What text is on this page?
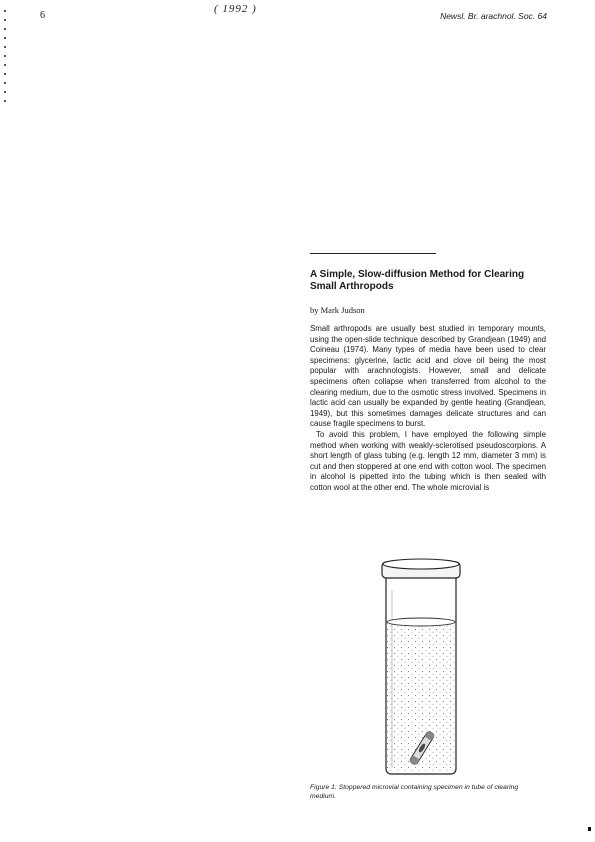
6
( 1992 )
Newsl. Br. arachnol. Soc. 64
A Simple, Slow-diffusion Method for Clearing Small Arthropods
by Mark Judson
Small arthropods are usually best studied in temporary mounts, using the open-slide technique described by Grandjean (1949) and Coineau (1974). Many types of media have been used to clear specimens: glycerine, lactic acid and clove oil being the most popular with arachnologists. However, small and delicate specimens often collapse when transferred from alcohol to the clearing medium, due to the osmotic stress involved. Specimens in lactic acid can usually be expanded by gentle heating (Grandjean, 1949), but this sometimes damages delicate structures and can cause fragile specimens to burst.
To avoid this problem, I have employed the following simple method when working with weakly-sclerotised pseudoscorpions. A short length of glass tubing (e.g. length 12 mm, diameter 3 mm) is cut and then stoppered at one end with cotton wool. The specimen in alcohol is pipetted into the tubing which is then sealed with cotton wool at the other end. The whole microvial is
Figure 1: Stoppered microvial containing specimen in tube of clearing medium.
